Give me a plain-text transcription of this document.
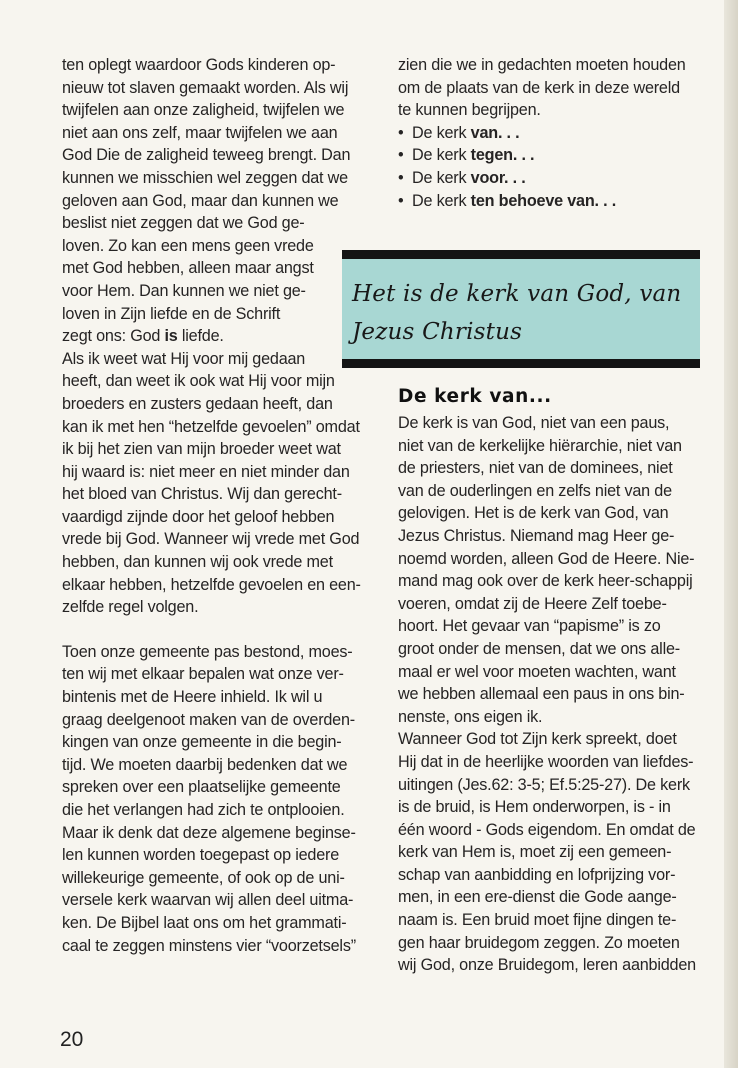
ten oplegt waardoor Gods kinderen op-
nieuw tot slaven gemaakt worden. Als wij
twijfelen aan onze zaligheid, twijfelen we
niet aan ons zelf, maar twijfelen we aan
God Die de zaligheid teweeg brengt. Dan
kunnen we misschien wel zeggen dat we
geloven aan God, maar dan kunnen we
beslist niet zeggen dat we God ge-
loven. Zo kan een mens geen vrede
met God hebben, alleen maar angst
voor Hem. Dan kunnen we niet ge-
loven in Zijn liefde en de Schrift
zegt ons: God is liefde.

Als ik weet wat Hij voor mij gedaan
heeft, dan weet ik ook wat Hij voor mijn
broeders en zusters gedaan heeft, dan
kan ik met hen “hetzelfde gevoelen” omdat
ik bij het zien van mijn broeder weet wat
hij waard is: niet meer en niet minder dan
het bloed van Christus. Wij dan gerecht-
vaardigd zijnde door het geloof hebben
vrede bij God. Wanneer wij vrede met God
hebben, dan kunnen wij ook vrede met
elkaar hebben, hetzelfde gevoelen en een-
zelfde regel volgen.

Toen onze gemeente pas bestond, moes-
ten wij met elkaar bepalen wat onze ver-
bintenis met de Heere inhield. Ik wil u
graag deelgenoot maken van de overden-
kingen van onze gemeente in die begin-
tijd. We moeten daarbij bedenken dat we
spreken over een plaatselijke gemeente
die het verlangen had zich te ontplooien.
Maar ik denk dat deze algemene beginse-
len kunnen worden toegepast op iedere
willekeurige gemeente, of ook op de uni-
versele kerk waarvan wij allen deel uitma-
ken. De Bijbel laat ons om het grammati-
caal te zeggen minstens vier “voorzetsels”

zien die we in gedachten moeten houden
om de plaats van de kerk in deze wereld
te kunnen begrijpen.

• De kerk van. . .
• De kerk tegen. . .
• De kerk voor. . .
• De kerk ten behoeve van. . .
Het is de kerk van God, van
Jezus Christus
De kerk van...

De kerk is van God, niet van een paus,
niet van de kerkelijke hiërarchie, niet van
de priesters, niet van de dominees, niet
van de ouderlingen en zelfs niet van de
gelovigen. Het is de kerk van God, van
Jezus Christus. Niemand mag Heer ge-
noemd worden, alleen God de Heere. Nie-
mand mag ook over de kerk heer-schappij
voeren, omdat zij de Heere Zelf toebe-
hoort. Het gevaar van “papisme” is zo
groot onder de mensen, dat we ons alle-
maal er wel voor moeten wachten, want
we hebben allemaal een paus in ons bin-
nenste, ons eigen ik.
Wanneer God tot Zijn kerk spreekt, doet
Hij dat in de heerlijke woorden van liefdes-
uitingen (Jes.62: 3-5; Ef.5:25-27). De kerk
is de bruid, is Hem onderworpen, is - in
één woord - Gods eigendom. En omdat de
kerk van Hem is, moet zij een gemeen-
schap van aanbidding en lofprijzing vor-
men, in een ere-dienst die Gode aange-
naam is. Een bruid moet fijne dingen te-
gen haar bruidegom zeggen. Zo moeten
wij God, onze Bruidegom, leren aanbidden

20
